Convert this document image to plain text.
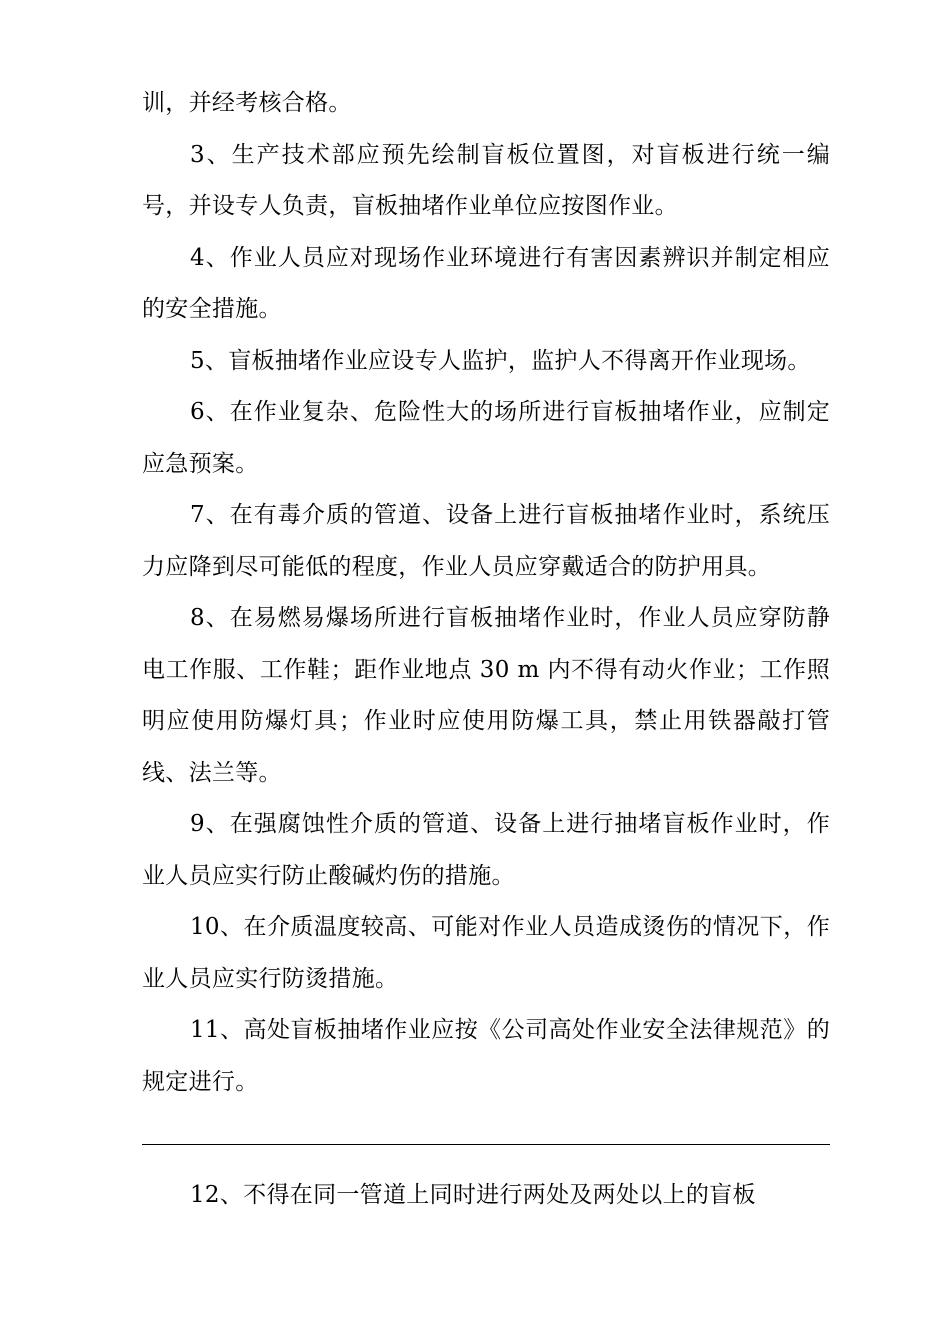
训，并经考核合格。

3、生产技术部应预先绘制盲板位置图，对盲板进行统一编号，并设专人负责，盲板抽堵作业单位应按图作业。

4、作业人员应对现场作业环境进行有害因素辨识并制定相应的安全措施。

5、盲板抽堵作业应设专人监护，监护人不得离开作业现场。

6、在作业复杂、危险性大的场所进行盲板抽堵作业，应制定应急预案。

7、在有毒介质的管道、设备上进行盲板抽堵作业时，系统压力应降到尽可能低的程度，作业人员应穿戴适合的防护用具。

8、在易燃易爆场所进行盲板抽堵作业时，作业人员应穿防静电工作服、工作鞋；距作业地点 30 m 内不得有动火作业；工作照明应使用防爆灯具；作业时应使用防爆工具，禁止用铁器敲打管线、法兰等。

9、在强腐蚀性介质的管道、设备上进行抽堵盲板作业时，作业人员应实行防止酸碱灼伤的措施。

10、在介质温度较高、可能对作业人员造成烫伤的情况下，作业人员应实行防烫措施。

11、高处盲板抽堵作业应按《公司高处作业安全法律规范》的规定进行。

12、不得在同一管道上同时进行两处及两处以上的盲板
